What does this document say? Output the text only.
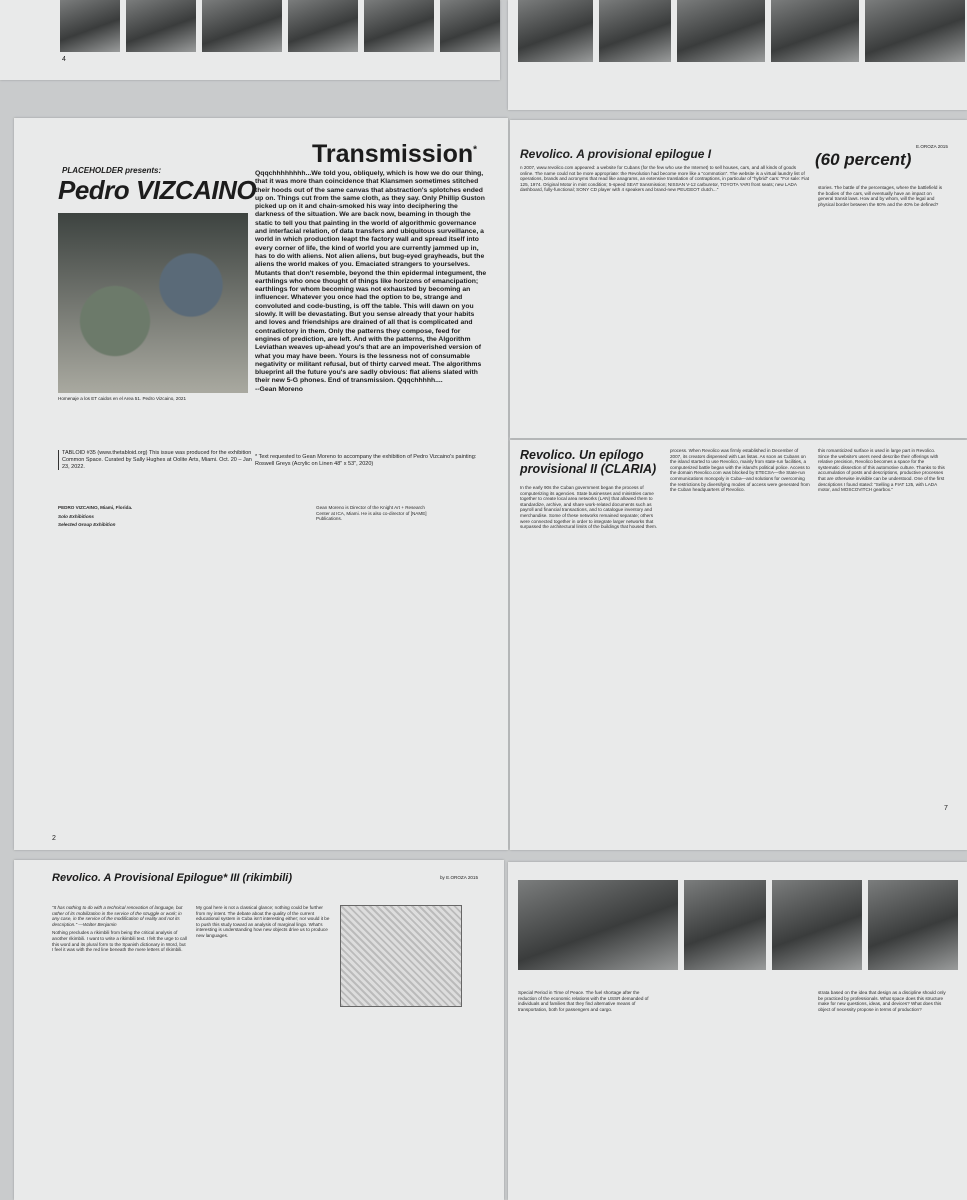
4
PLACEHOLDER presents:
Pedro VIZCAINO
Transmission*
Qqqchhhhhhhh...We told you, obliquely, which is how we do our thing, that it was more than coincidence that Klansmen sometimes stitched their hoods out of the same canvas that abstraction's splotches ended up on. Things cut from the same cloth, as they say. Only Phillip Guston picked up on it and chain-smoked his way into deciphering the darkness of the situation. We are back now, beaming in though the static to tell you that painting in the world of algorithmic governance and interfacial relation, of data transfers and ubiquitous surveillance, a world in which production leapt the factory wall and spread itself into every corner of life, the kind of world you are currently jammed up in, has to do with aliens. Not alien aliens, but bug-eyed grayheads, but the aliens the world makes of you. Emaciated strangers to yourselves. Mutants that don't resemble, beyond the thin epidermal integument, the earthlings who once thought of things like horizons of emancipation; earthlings for whom becoming was not exhausted by becoming an influencer. Whatever you once had the option to be, strange and convoluted and code-busting, is off the table. This will dawn on you slowly. It will be devastating. But you sense already that your habits and loves and friendships are drained of all that is complicated and contradictory in them. Only the patterns they compose, feed for engines of prediction, are left. And with the patterns, the Algorithm Leviathan weaves up-ahead you's that are an impoverished version of what you may have been. Yours is the lessness not of consumable negativity or militant refusal, but of thirty carved meat. The algorithms blueprint all the future you's are sadly obvious: flat aliens slated with their new 5-G phones. End of transmission. Qqqchhhhh....
--Gean Moreno
Homenaje a los ET caidos en el Area 51. Pedro Vizcaino, 2021
TABLOID #35 (www.thetabloid.org) This issue was produced for the exhibition Common Space. Curated by Sally Hughes at Oolite Arts, Miami. Oct. 20 – Jan 23, 2022.
* Text requested to Gean Moreno to accompany the exhibition of Pedro Vizcaino's painting: Roswell Greys (Acrylic on Linen 48" x 53", 2020)

PEDRO VIZCAINO, Miami, Florida.

Solo Exhibitions

Selected Group Exhibition

Gean Moreno is Director of the Knight Art + Research Center at ICA, Miami. He is also co-director of [NAME] Publications.

2
Revolico. A provisional epilogue I	(60 percent)
E.OROZA 2015

n 2007, www.revolico.com appeared: a website for Cubans (for the few who use the Internet) to sell houses, cars, and all kinds of goods online. The name could not be more appropriate: the Revolution had become more like a "commotion". The website is a virtual laundry list of operations, brands and acronyms that read like anagrams, an extensive translation of contraptions, in particular of "hybrid" cars: "For sale: Fiat 125, 1974. Original Motor in mint condition; 5-speed SEAT transmission; NISSAN V-12 carburetor, TOYOTA YARI front seats; new LADA dashboard, fully-functional; SONY CD player with 4 speakers and brand-new PEUGEOT clutch..."	stories. The battle of the percentages, where the battlefield is the bodies of the cars, will eventually have an impact on general transit laws. How and by whom, will the legal and physical border between the 60% and the 40% be defined?

Revolico. Un epílogo provisional II (CLARIA)

In the early 90s the Cuban government began the process of computerizing its agencies. State businesses and ministries came together to create local area networks (LAN) that allowed them to standardize, archive, and share work-related documents such as payroll and financial transactions, and to catalogue inventory and merchandise. Some of these networks remained separate; others were connected together in order to integrate larger networks that surpassed the architectural limits of the buildings that housed them.

process. When Revolico was firmly established in December of 2007, its creators dispensed with Las listas. As soon as Cubans on the island started to use Revolico, mainly from state-run facilities, a computerized battle began with the island's political police. Access to the domain Revolico.com was blocked by ETECSA—the State-run communications monopoly in Cuba—and solutions for overcoming the restrictions by diversifying modes of access were generated from the Cuban headquarters of Revolico.

this romanticized surface is used in large part in Revolico. Since the website's users need describe their offerings with relative precision, Revolico becomes a space for the systematic dissection of this automotive culture. Thanks to this accumulation of posts and descriptions, productive processes that are otherwise invisible can be understood. One of the first descriptions I found stated: "Selling a FIAT 125, with LADA motor, and MOSCOVITCH gearbox."

7
Revolico. A Provisional Epilogue* III (rikimbili)	by E.OROZA 2015

"It has nothing to do with a technical renovation of language, but rather of its mobilization in the service of the struggle or work; in any case, in the service of the modification of reality and not its description." —Walter Benjamin

Nothing precludes a rikimbili from being the critical analysis of another rikimbili. I want to write a rikimbili text. I felt the urge to call this word and its plural form to the Spanish dictionary in Word, but I feel it was with the red line beneath the mere letters of rikimbili.

My goal here is not a classical glance; nothing could be further from my intent. The debate about the quality of the current educational system in Cuba isn't interesting either; nor would it be to push this study toward an analysis of marginal lingo. What's interesting is understanding how new objects drive us to produce new languages.

Special Period in Time of Peace. The fuel shortage after the reduction of the economic relations with the USSR demanded of individuals and families that they find alternative means of transportation, both for passengers and cargo.

strata based on the idea that design as a discipline should only be practiced by professionals. What space does this structure make for new questions, ideas, and devices? What does this object of necessity propose in terms of production?
